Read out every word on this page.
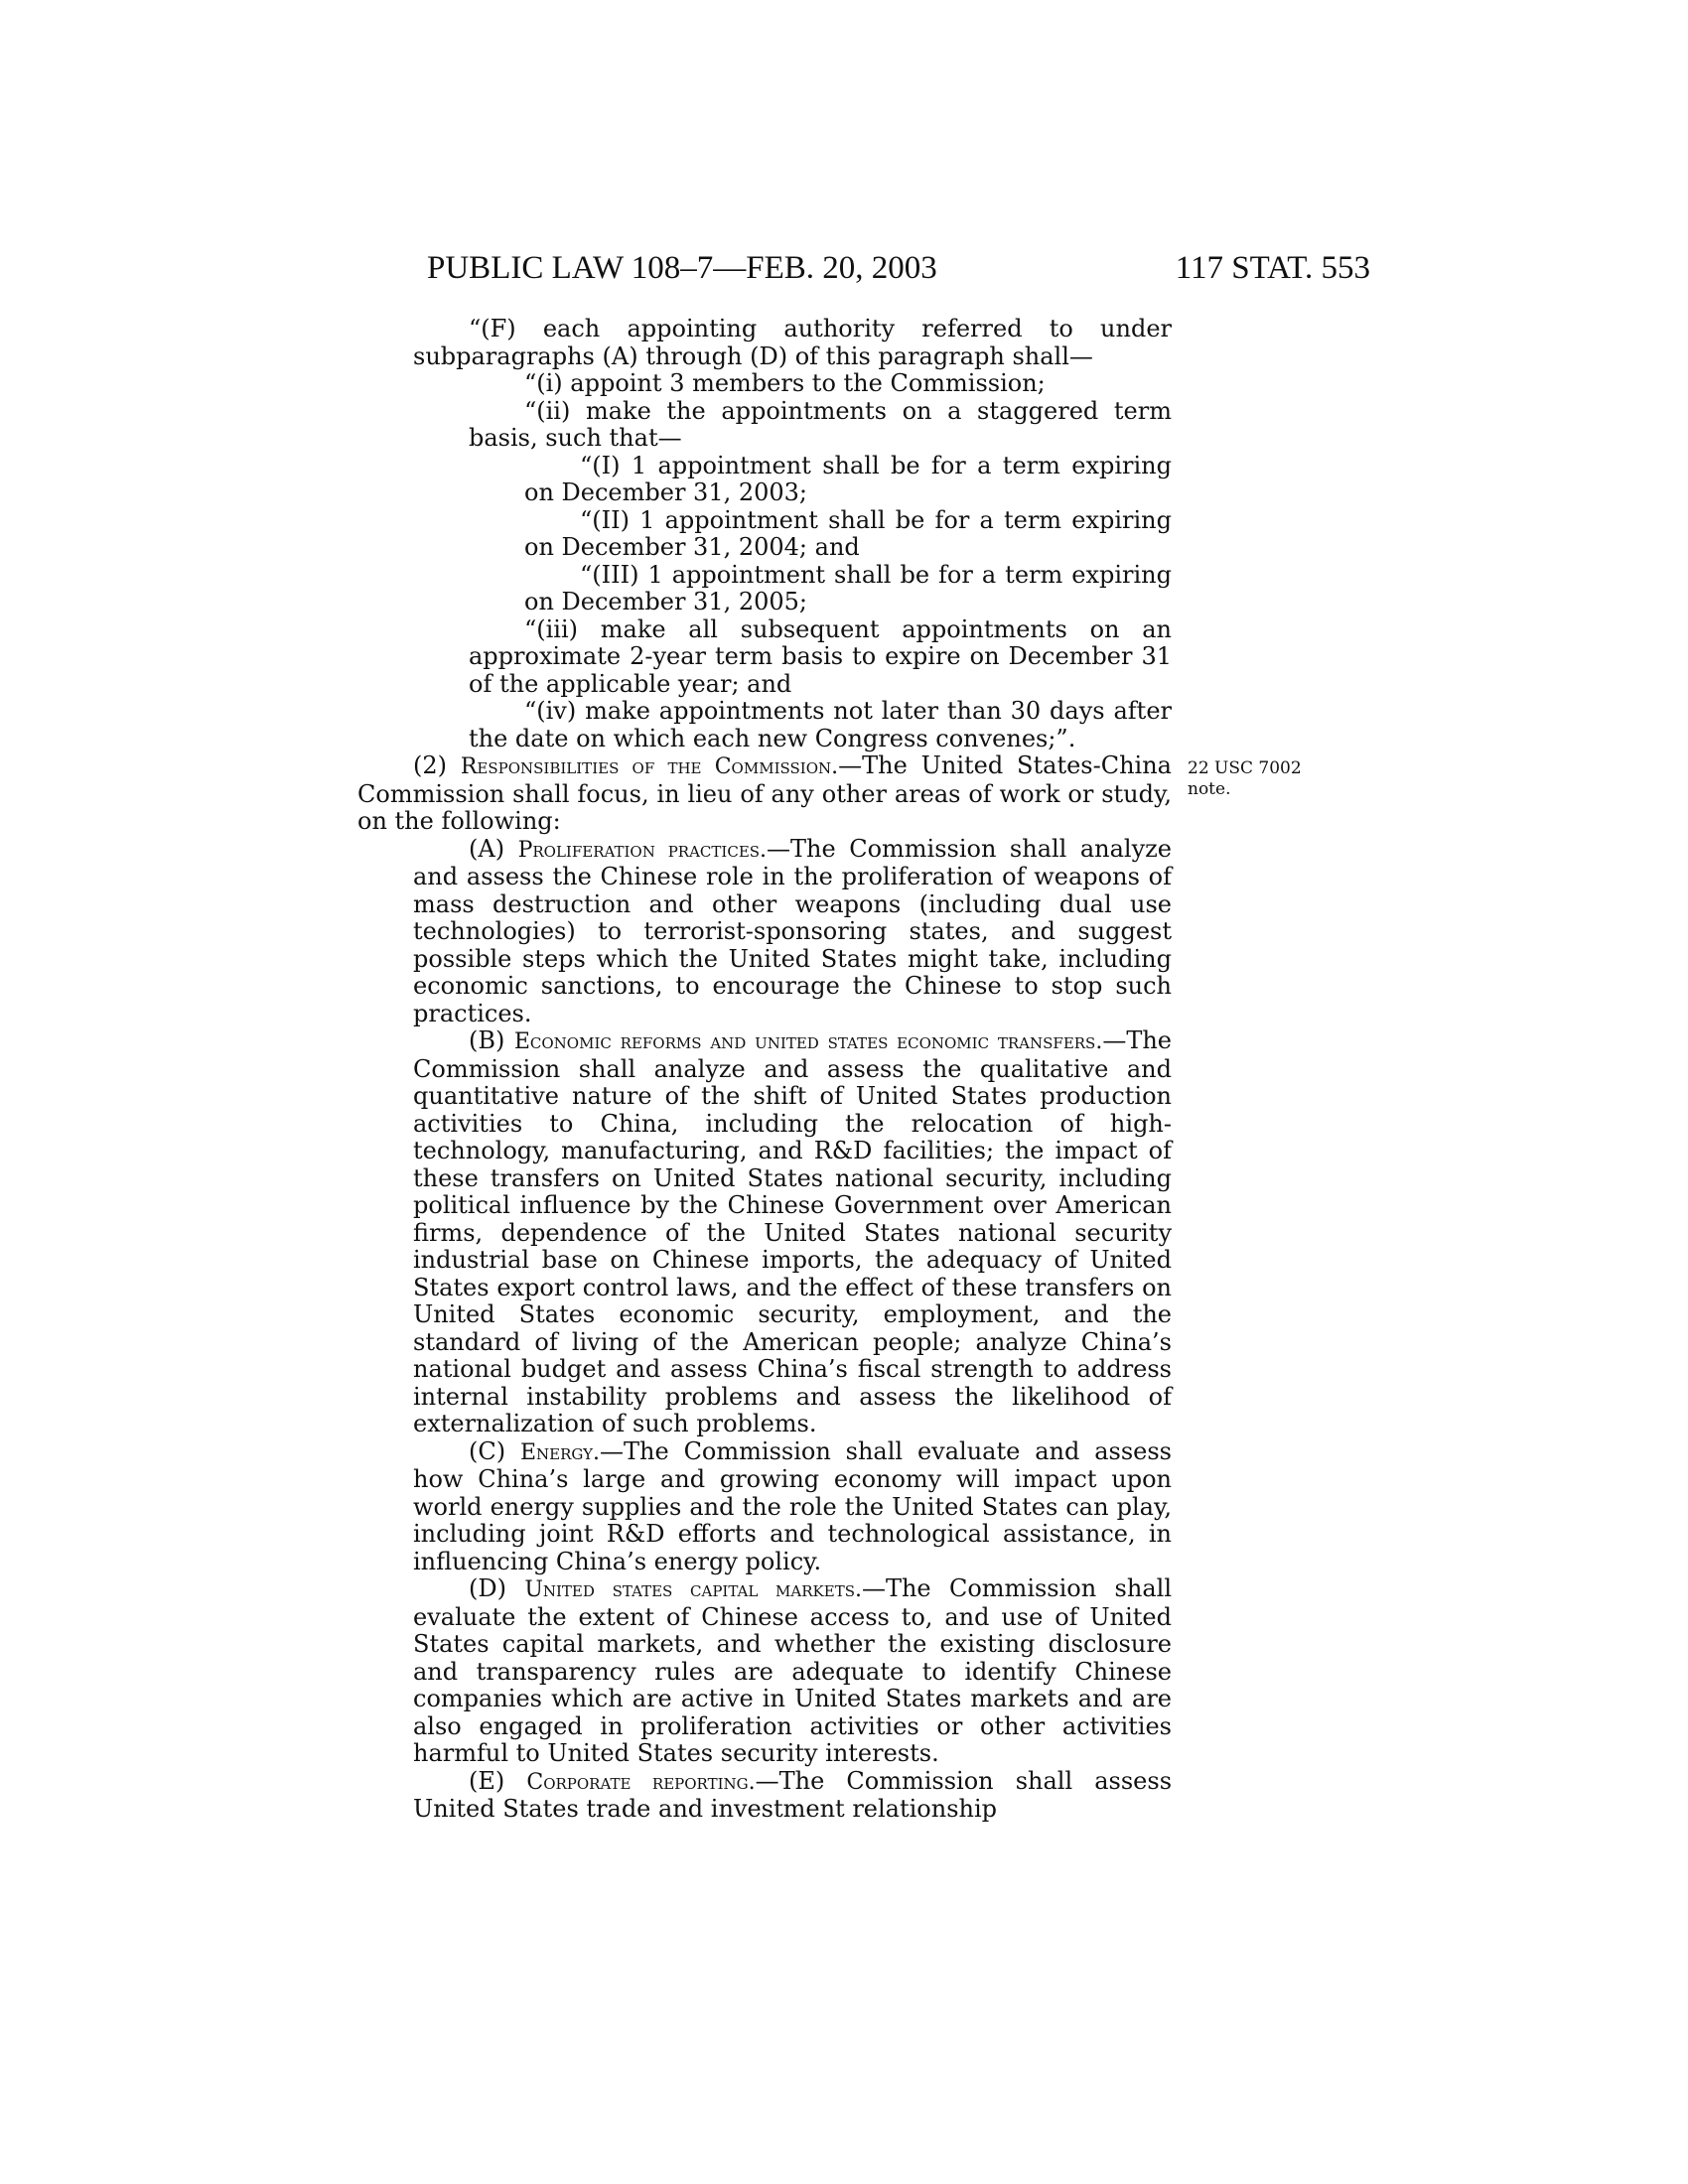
PUBLIC LAW 108–7—FEB. 20, 2003	117 STAT. 553
22 USC 7002
note.

“(F) each appointing authority referred to under subparagraphs (A) through (D) of this paragraph shall—

“(i) appoint 3 members to the Commission;

“(ii) make the appointments on a staggered term basis, such that—

“(I) 1 appointment shall be for a term expiring on December 31, 2003;

“(II) 1 appointment shall be for a term expiring on December 31, 2004; and

“(III) 1 appointment shall be for a term expiring on December 31, 2005;

“(iii) make all subsequent appointments on an approximate 2-year term basis to expire on December 31 of the applicable year; and

“(iv) make appointments not later than 30 days after the date on which each new Congress convenes;”.

(2) Responsibilities of the Commission.—The United States-China Commission shall focus, in lieu of any other areas of work or study, on the following:

(A) Proliferation practices.—The Commission shall analyze and assess the Chinese role in the proliferation of weapons of mass destruction and other weapons (including dual use technologies) to terrorist-sponsoring states, and suggest possible steps which the United States might take, including economic sanctions, to encourage the Chinese to stop such practices.

(B) Economic reforms and united states economic transfers.—The Commission shall analyze and assess the qualitative and quantitative nature of the shift of United States production activities to China, including the relocation of high-technology, manufacturing, and R&D facilities; the impact of these transfers on United States national security, including political influence by the Chinese Government over American firms, dependence of the United States national security industrial base on Chinese imports, the adequacy of United States export control laws, and the effect of these transfers on United States economic security, employment, and the standard of living of the American people; analyze China’s national budget and assess China’s fiscal strength to address internal instability problems and assess the likelihood of externalization of such problems.

(C) Energy.—The Commission shall evaluate and assess how China’s large and growing economy will impact upon world energy supplies and the role the United States can play, including joint R&D efforts and technological assistance, in influencing China’s energy policy.

(D) United states capital markets.—The Commission shall evaluate the extent of Chinese access to, and use of United States capital markets, and whether the existing disclosure and transparency rules are adequate to identify Chinese companies which are active in United States markets and are also engaged in proliferation activities or other activities harmful to United States security interests.

(E) Corporate reporting.—The Commission shall assess United States trade and investment relationship
